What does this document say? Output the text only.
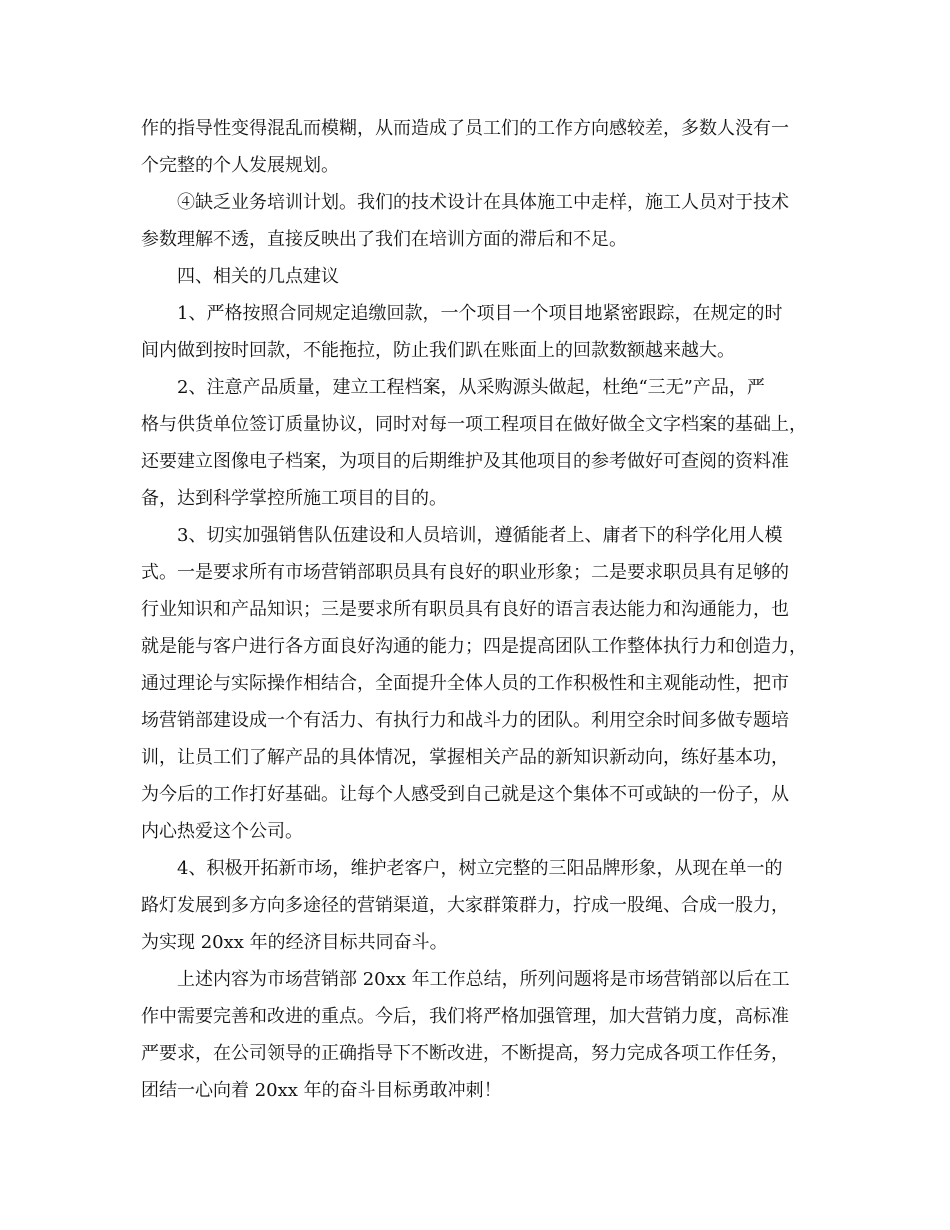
作的指导性变得混乱而模糊，从而造成了员工们的工作方向感较差，多数人没有一
个完整的个人发展规划。
④缺乏业务培训计划。我们的技术设计在具体施工中走样，施工人员对于技术
参数理解不透，直接反映出了我们在培训方面的滞后和不足。
四、相关的几点建议
1、严格按照合同规定追缴回款，一个项目一个项目地紧密跟踪，在规定的时
间内做到按时回款，不能拖拉，防止我们趴在账面上的回款数额越来越大。
2、注意产品质量，建立工程档案，从采购源头做起，杜绝“三无”产品，严
格与供货单位签订质量协议，同时对每一项工程项目在做好做全文字档案的基础上，
还要建立图像电子档案，为项目的后期维护及其他项目的参考做好可查阅的资料准
备，达到科学掌控所施工项目的目的。
3、切实加强销售队伍建设和人员培训，遵循能者上、庸者下的科学化用人模
式。一是要求所有市场营销部职员具有良好的职业形象；二是要求职员具有足够的
行业知识和产品知识；三是要求所有职员具有良好的语言表达能力和沟通能力，也
就是能与客户进行各方面良好沟通的能力；四是提高团队工作整体执行力和创造力，
通过理论与实际操作相结合，全面提升全体人员的工作积极性和主观能动性，把市
场营销部建设成一个有活力、有执行力和战斗力的团队。利用空余时间多做专题培
训，让员工们了解产品的具体情况，掌握相关产品的新知识新动向，练好基本功，
为今后的工作打好基础。让每个人感受到自己就是这个集体不可或缺的一份子，从
内心热爱这个公司。
4、积极开拓新市场，维护老客户，树立完整的三阳品牌形象，从现在单一的
路灯发展到多方向多途径的营销渠道，大家群策群力，拧成一股绳、合成一股力，
为实现 20xx 年的经济目标共同奋斗。
上述内容为市场营销部 20xx 年工作总结，所列问题将是市场营销部以后在工
作中需要完善和改进的重点。今后，我们将严格加强管理，加大营销力度，高标准
严要求，在公司领导的正确指导下不断改进，不断提高，努力完成各项工作任务，
团结一心向着 20xx 年的奋斗目标勇敢冲刺！
